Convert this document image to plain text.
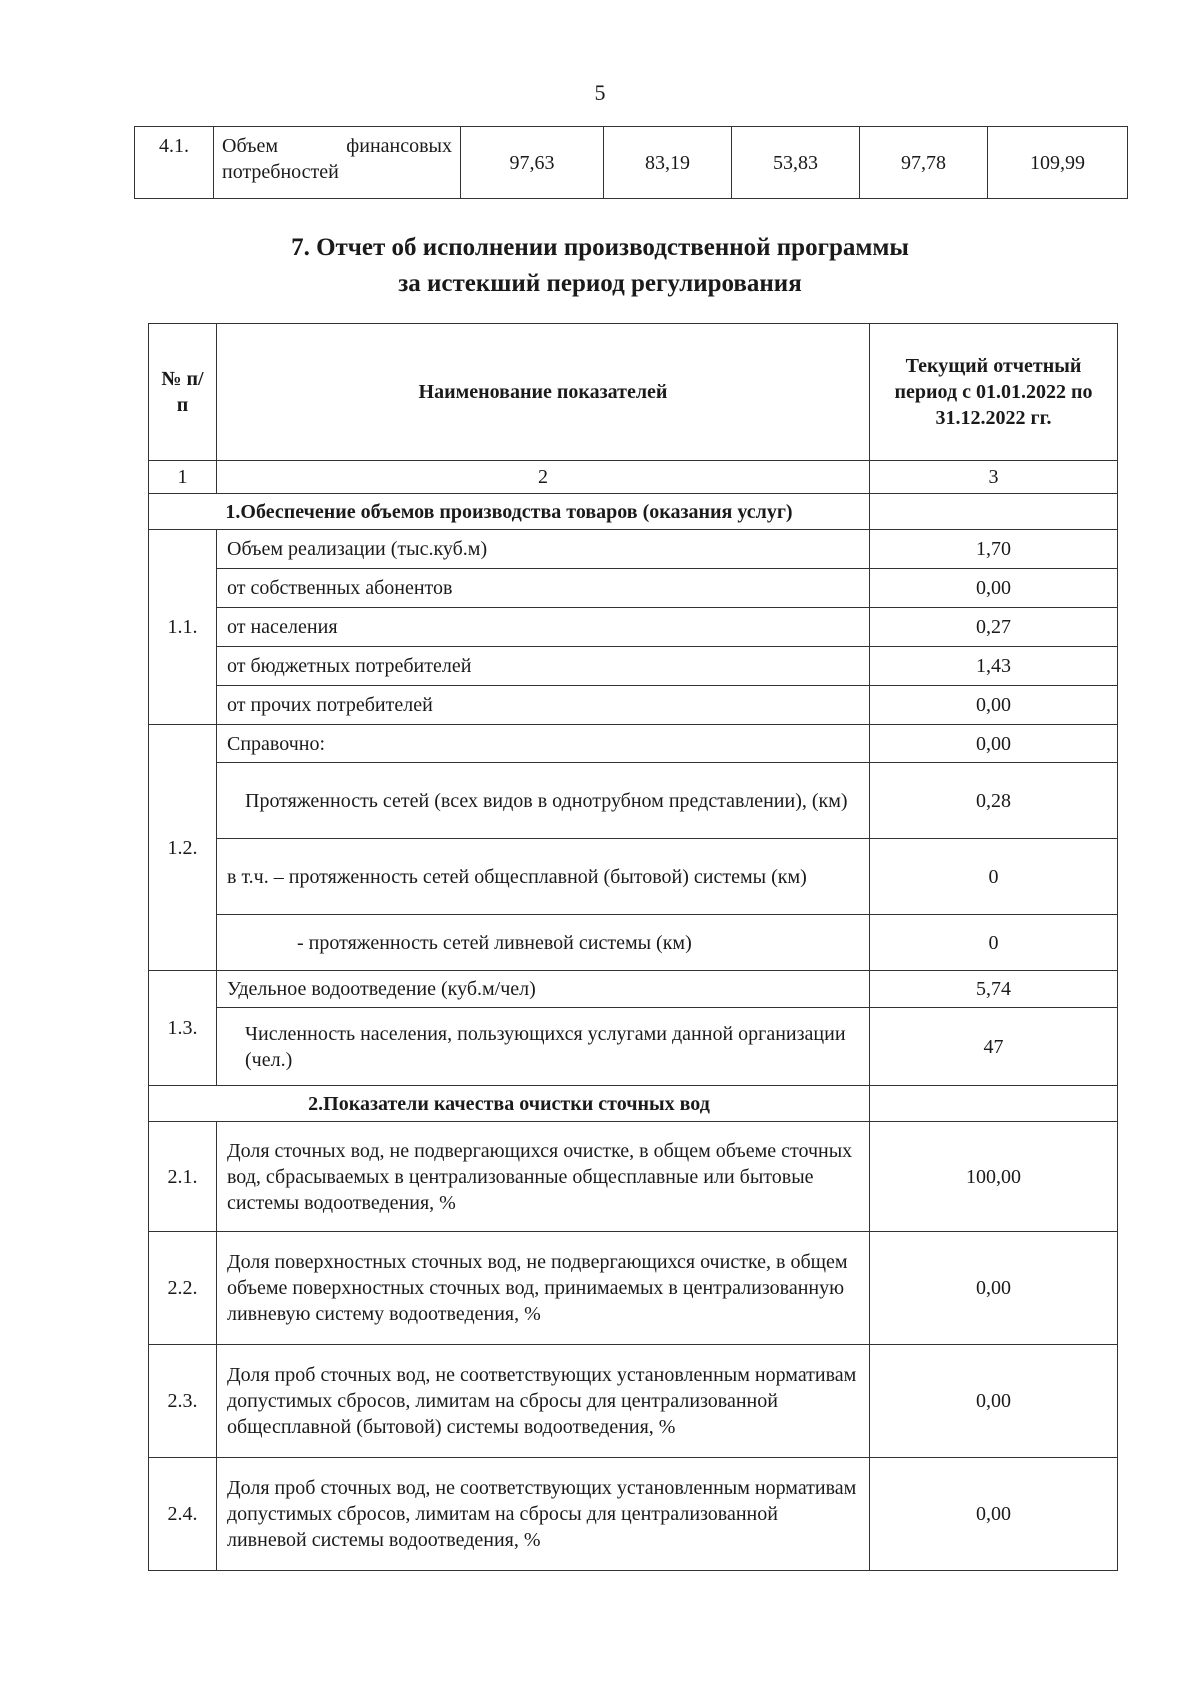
5
4.1.	Объем финансовых потребностей	97,63	83,19	53,83	97,78	109,99
7. Отчет об исполнении производственной программы
за истекший период регулирования
№ п/п	Наименование показателей	Текущий отчетный период с 01.01.2022 по 31.12.2022 гг.
1	2	3
1.Обеспечение объемов производства товаров (оказания услуг)		
1.1.	Объем реализации (тыс.куб.м)	1,70
	от собственных абонентов	0,00
	от населения	0,27
	от бюджетных потребителей	1,43
	от прочих потребителей	0,00
1.2.	Справочно:	0,00
	Протяженность сетей (всех видов в однотрубном представлении), (км)	0,28
	в т.ч. – протяженность сетей общесплавной (бытовой) системы (км)	0
	- протяженность сетей ливневой системы (км)	0
1.3.	Удельное водоотведение (куб.м/чел)	5,74
	Численность населения, пользующихся услугами данной организации (чел.)	47
2.Показатели качества очистки сточных вод		
2.1.	Доля сточных вод, не подвергающихся очистке, в общем объеме сточных вод, сбрасываемых в централизованные общесплавные или бытовые системы водоотведения, %	100,00
2.2.	Доля поверхностных сточных вод, не подвергающихся очистке, в общем объеме поверхностных сточных вод, принимаемых в централизованную ливневую систему водоотведения, %	0,00
2.3.	Доля проб сточных вод, не соответствующих установленным нормативам допустимых сбросов, лимитам на сбросы для централизованной общесплавной (бытовой) системы водоотведения, %	0,00
2.4.	Доля проб сточных вод, не соответствующих установленным нормативам допустимых сбросов, лимитам на сбросы для централизованной ливневой системы водоотведения, %	0,00
